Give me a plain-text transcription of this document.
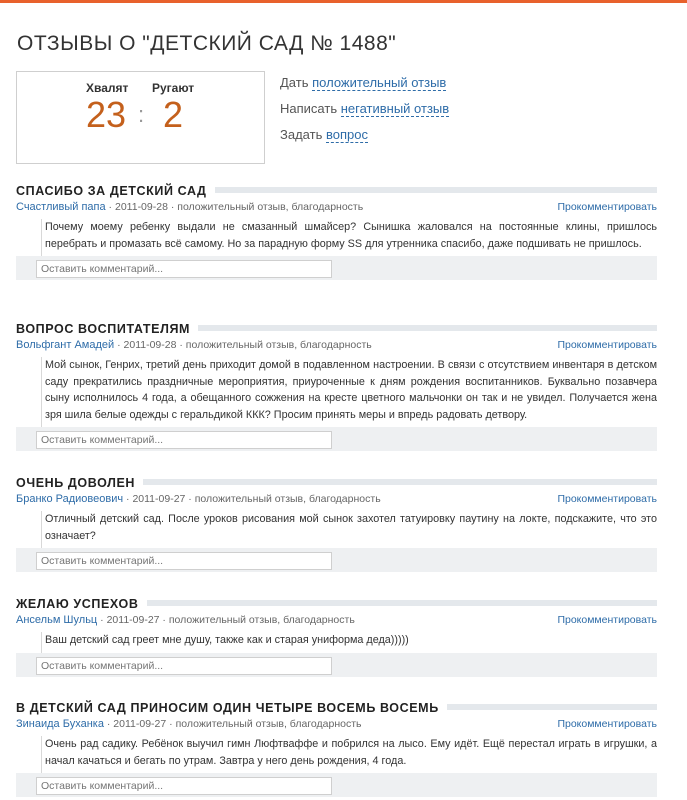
ОТЗЫВЫ О "ДЕТСКИЙ САД № 1488"
Хвалят Ругают
23 : 2
Дать положительный отзыв
Написать негативный отзыв
Задать вопрос
СПАСИБО ЗА ДЕТСКИЙ САД
Счастливый папа · 2011-09-28 · положительный отзыв, благодарность	Прокомментировать
Почему моему ребенку выдали не смазанный шмайсер? Сынишка жаловался на постоянные клины, пришлось перебрать и промазать всё самому. Но за парадную форму SS для утренника спасибо, даже подшивать не пришлось.
Оставить комментарий...
ВОПРОС ВОСПИТАТЕЛЯМ
Вольфгант Амадей · 2011-09-28 · положительный отзыв, благодарность	Прокомментировать
Мой сынок, Генрих, третий день приходит домой в подавленном настроении. В связи с отсутствием инвентаря в детском саду прекратились праздничные мероприятия, приуроченные к дням рождения воспитанников. Буквально позавчера сыну исполнилось 4 года, а обещанного сожжения на кресте цветного мальчонки он так и не увидел. Получается жена зря шила белые одежды с геральдикой ККК? Просим принять меры и впредь радовать детвору.
Оставить комментарий...
ОЧЕНЬ ДОВОЛЕН
Бранко Радиовеович · 2011-09-27 · положительный отзыв, благодарность	Прокомментировать
Отличный детский сад. После уроков рисования мой сынок захотел татуировку паутину на локте, подскажите, что это означает?
Оставить комментарий...
ЖЕЛАЮ УСПЕХОВ
Ансельм Шульц · 2011-09-27 · положительный отзыв, благодарность	Прокомментировать
Ваш детский сад греет мне душу, также как и старая униформа деда)))))
Оставить комментарий...
В ДЕТСКИЙ САД ПРИНОСИМ ОДИН ЧЕТЫРЕ ВОСЕМЬ ВОСЕМЬ
Зинаида Буханка · 2011-09-27 · положительный отзыв, благодарность	Прокомментировать
Очень рад садику. Ребёнок выучил гимн Люфтваффе и побрился на лысо. Ему идёт. Ещё перестал играть в игрушки, а начал качаться и бегать по утрам. Завтра у него день рождения, 4 года.
Оставить комментарий...
